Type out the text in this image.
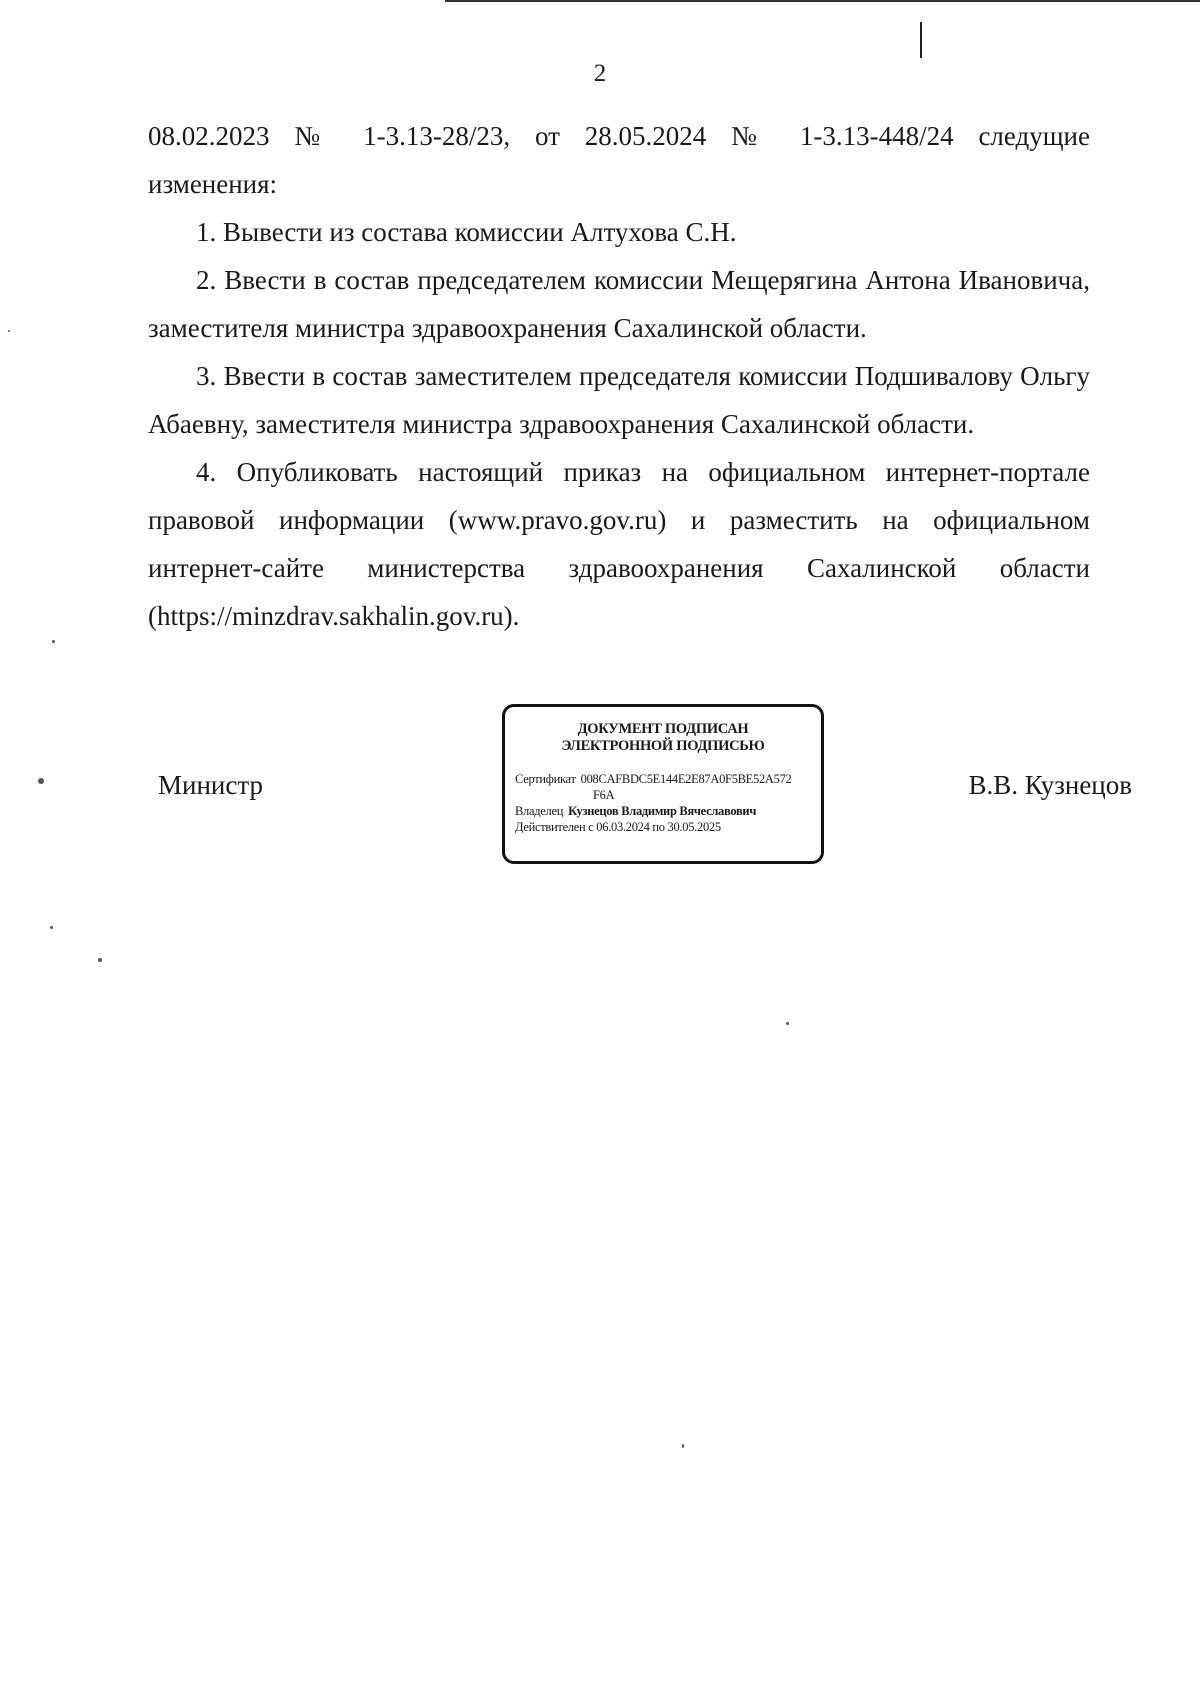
2

08.02.2023 № 1-3.13-28/23, от 28.05.2024 № 1-3.13-448/24 следущие
изменения:

1. Вывести из состава комиссии Алтухова С.Н.

2. Ввести в состав председателем комиссии Мещерягина Антона Ивановича, заместителя министра здравоохранения Сахалинской области.

3. Ввести в состав заместителем председателя комиссии Подшивалову Ольгу Абаевну, заместителя министра здравоохранения Сахалинской области.

4. Опубликовать настоящий приказ на официальном интернет-портале правовой информации (www.pravo.gov.ru) и разместить на официальном интернет-сайте министерства здравоохранения Сахалинской области (https://minzdrav.sakhalin.gov.ru).

Министр
ДОКУМЕНТ ПОДПИСАН
ЭЛЕКТРОННОЙ ПОДПИСЬЮ
Сертификат 008CAFBDC5E144E2E87A0F5BE52A572
F6A
Владелец Кузнецов Владимир Вячеславович
Действителен с 06.03.2024 по 30.05.2025
В.В. Кузнецов
